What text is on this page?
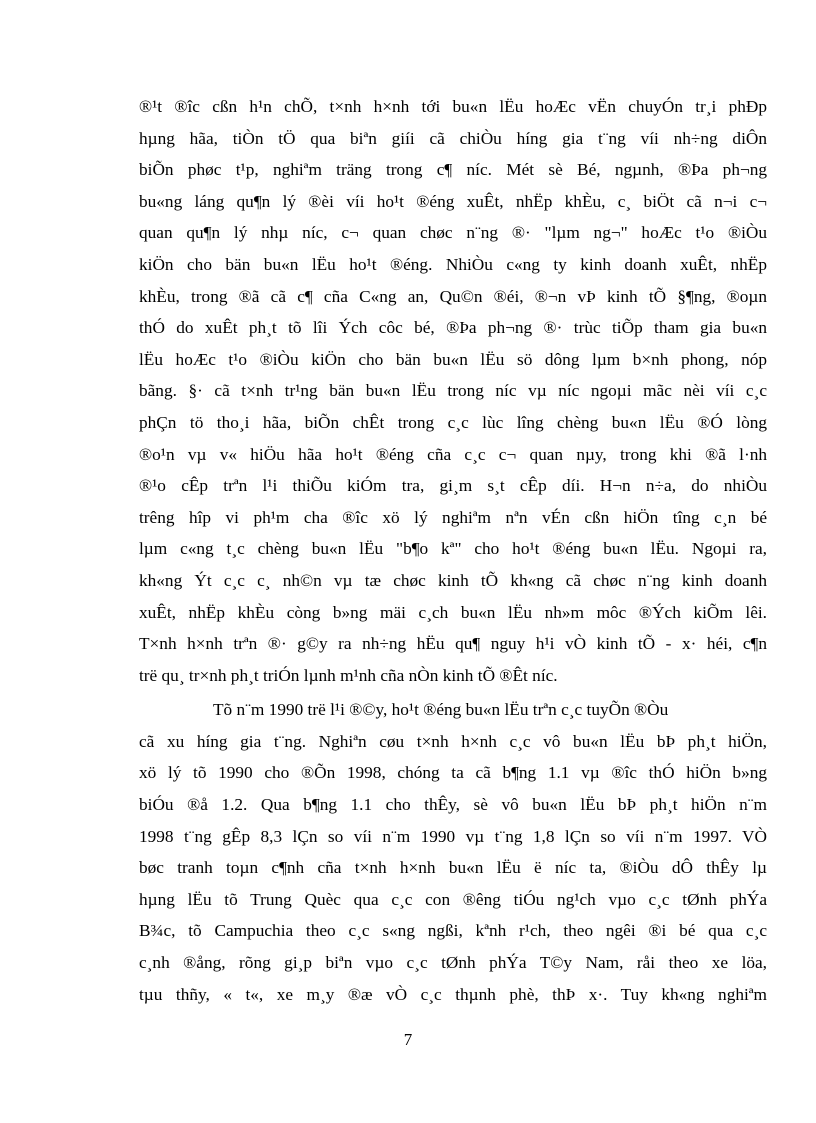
®¹t ®îc cßn h¹n chÕ, t×nh h×nh tới bu«n lËu hoÆc vËn chuyÓn tr¸i phÐp
hµng hãa, tiÒn tÖ qua biªn giíi cã chiÒu híng gia t¨ng víi nh÷ng diÔn
biÕn phøc t¹p, nghiªm träng trong c¶ níc. Mét sè Bé, ngµnh, ®Þa ph¬ng
bu«ng láng qu¶n lý ®èi víi ho¹t ®éng xuÊt, nhËp khÈu, c¸ biÖt cã n¬i c¬
quan qu¶n lý nhµ níc, c¬ quan chøc n¨ng ®· "lµm ng¬" hoÆc t¹o ®iÒu
kiÖn cho bän bu«n lËu ho¹t ®éng. NhiÒu c«ng ty kinh doanh xuÊt, nhËp
khÈu, trong ®ã cã c¶ cña C«ng an, Qu©n ®éi, ®¬n vÞ kinh tÕ §¶ng, ®oµn
thÓ do xuÊt ph¸t tõ lîi Ých côc bé, ®Þa ph¬ng ®· trùc tiÕp tham gia bu«n
lËu hoÆc t¹o ®iÒu kiÖn cho bän bu«n lËu sö dông lµm b×nh phong, nóp
bãng. §· cã t×nh tr¹ng bän bu«n lËu trong níc vµ níc ngoµi mãc nèi víi c¸c
phÇn tö tho¸i hãa, biÕn chÊt trong c¸c lùc lîng chèng bu«n lËu ®Ó lòng
®o¹n vµ v« hiÖu hãa ho¹t ®éng cña c¸c c¬ quan nµy, trong khi ®ã l·nh
®¹o cÊp trªn l¹i thiÕu kiÓm tra, gi¸m s¸t cÊp díi. H¬n n÷a, do nhiÒu
trêng hîp vi ph¹m cha ®îc xö lý nghiªm nªn vÉn cßn hiÖn tîng c¸n bé
lµm c«ng t¸c chèng bu«n lËu "b¶o kª" cho ho¹t ®éng bu«n lËu. Ngoµi ra,
kh«ng Ýt c¸c c¸ nh©n vµ tæ chøc kinh tÕ kh«ng cã chøc n¨ng kinh doanh
xuÊt, nhËp khÈu còng b»ng mäi c¸ch bu«n lËu nh»m môc ®Ých kiÕm lêi.
T×nh h×nh trªn ®· g©y ra nh÷ng hËu qu¶ nguy h¹i vÒ kinh tÕ - x· héi, c¶n
trë qu¸ tr×nh ph¸t triÓn lµnh m¹nh cña nÒn kinh tÕ ®Êt níc.
Tõ n¨m 1990 trë l¹i ®©y, ho¹t ®éng bu«n lËu trªn c¸c tuyÕn ®Òu
cã xu híng gia t¨ng. Nghiªn cøu t×nh h×nh c¸c vô bu«n lËu bÞ ph¸t hiÖn,
xö lý tõ 1990 cho ®Õn 1998, chóng ta cã b¶ng 1.1 vµ ®îc thÓ hiÖn b»ng
biÓu ®å 1.2. Qua b¶ng 1.1 cho thÊy, sè vô bu«n lËu bÞ ph¸t hiÖn n¨m
1998 t¨ng gÊp 8,3 lÇn so víi n¨m 1990 vµ t¨ng 1,8 lÇn so víi n¨m 1997. VÒ
bøc tranh toµn c¶nh cña t×nh h×nh bu«n lËu ë níc ta, ®iÒu dÔ thÊy lµ
hµng lËu tõ Trung Quèc qua c¸c con ®êng tiÓu ng¹ch vµo c¸c tØnh phÝa
B¾c, tõ Campuchia theo c¸c s«ng ngßi, kªnh r¹ch, theo ngêi ®i bé qua c¸c
c¸nh ®ång, rõng gi¸p biªn vµo c¸c tØnh phÝa T©y Nam, råi theo xe löa,
tµu thñy, « t«, xe m¸y ®æ vÒ c¸c thµnh phè, thÞ x·. Tuy kh«ng nghiªm
7
